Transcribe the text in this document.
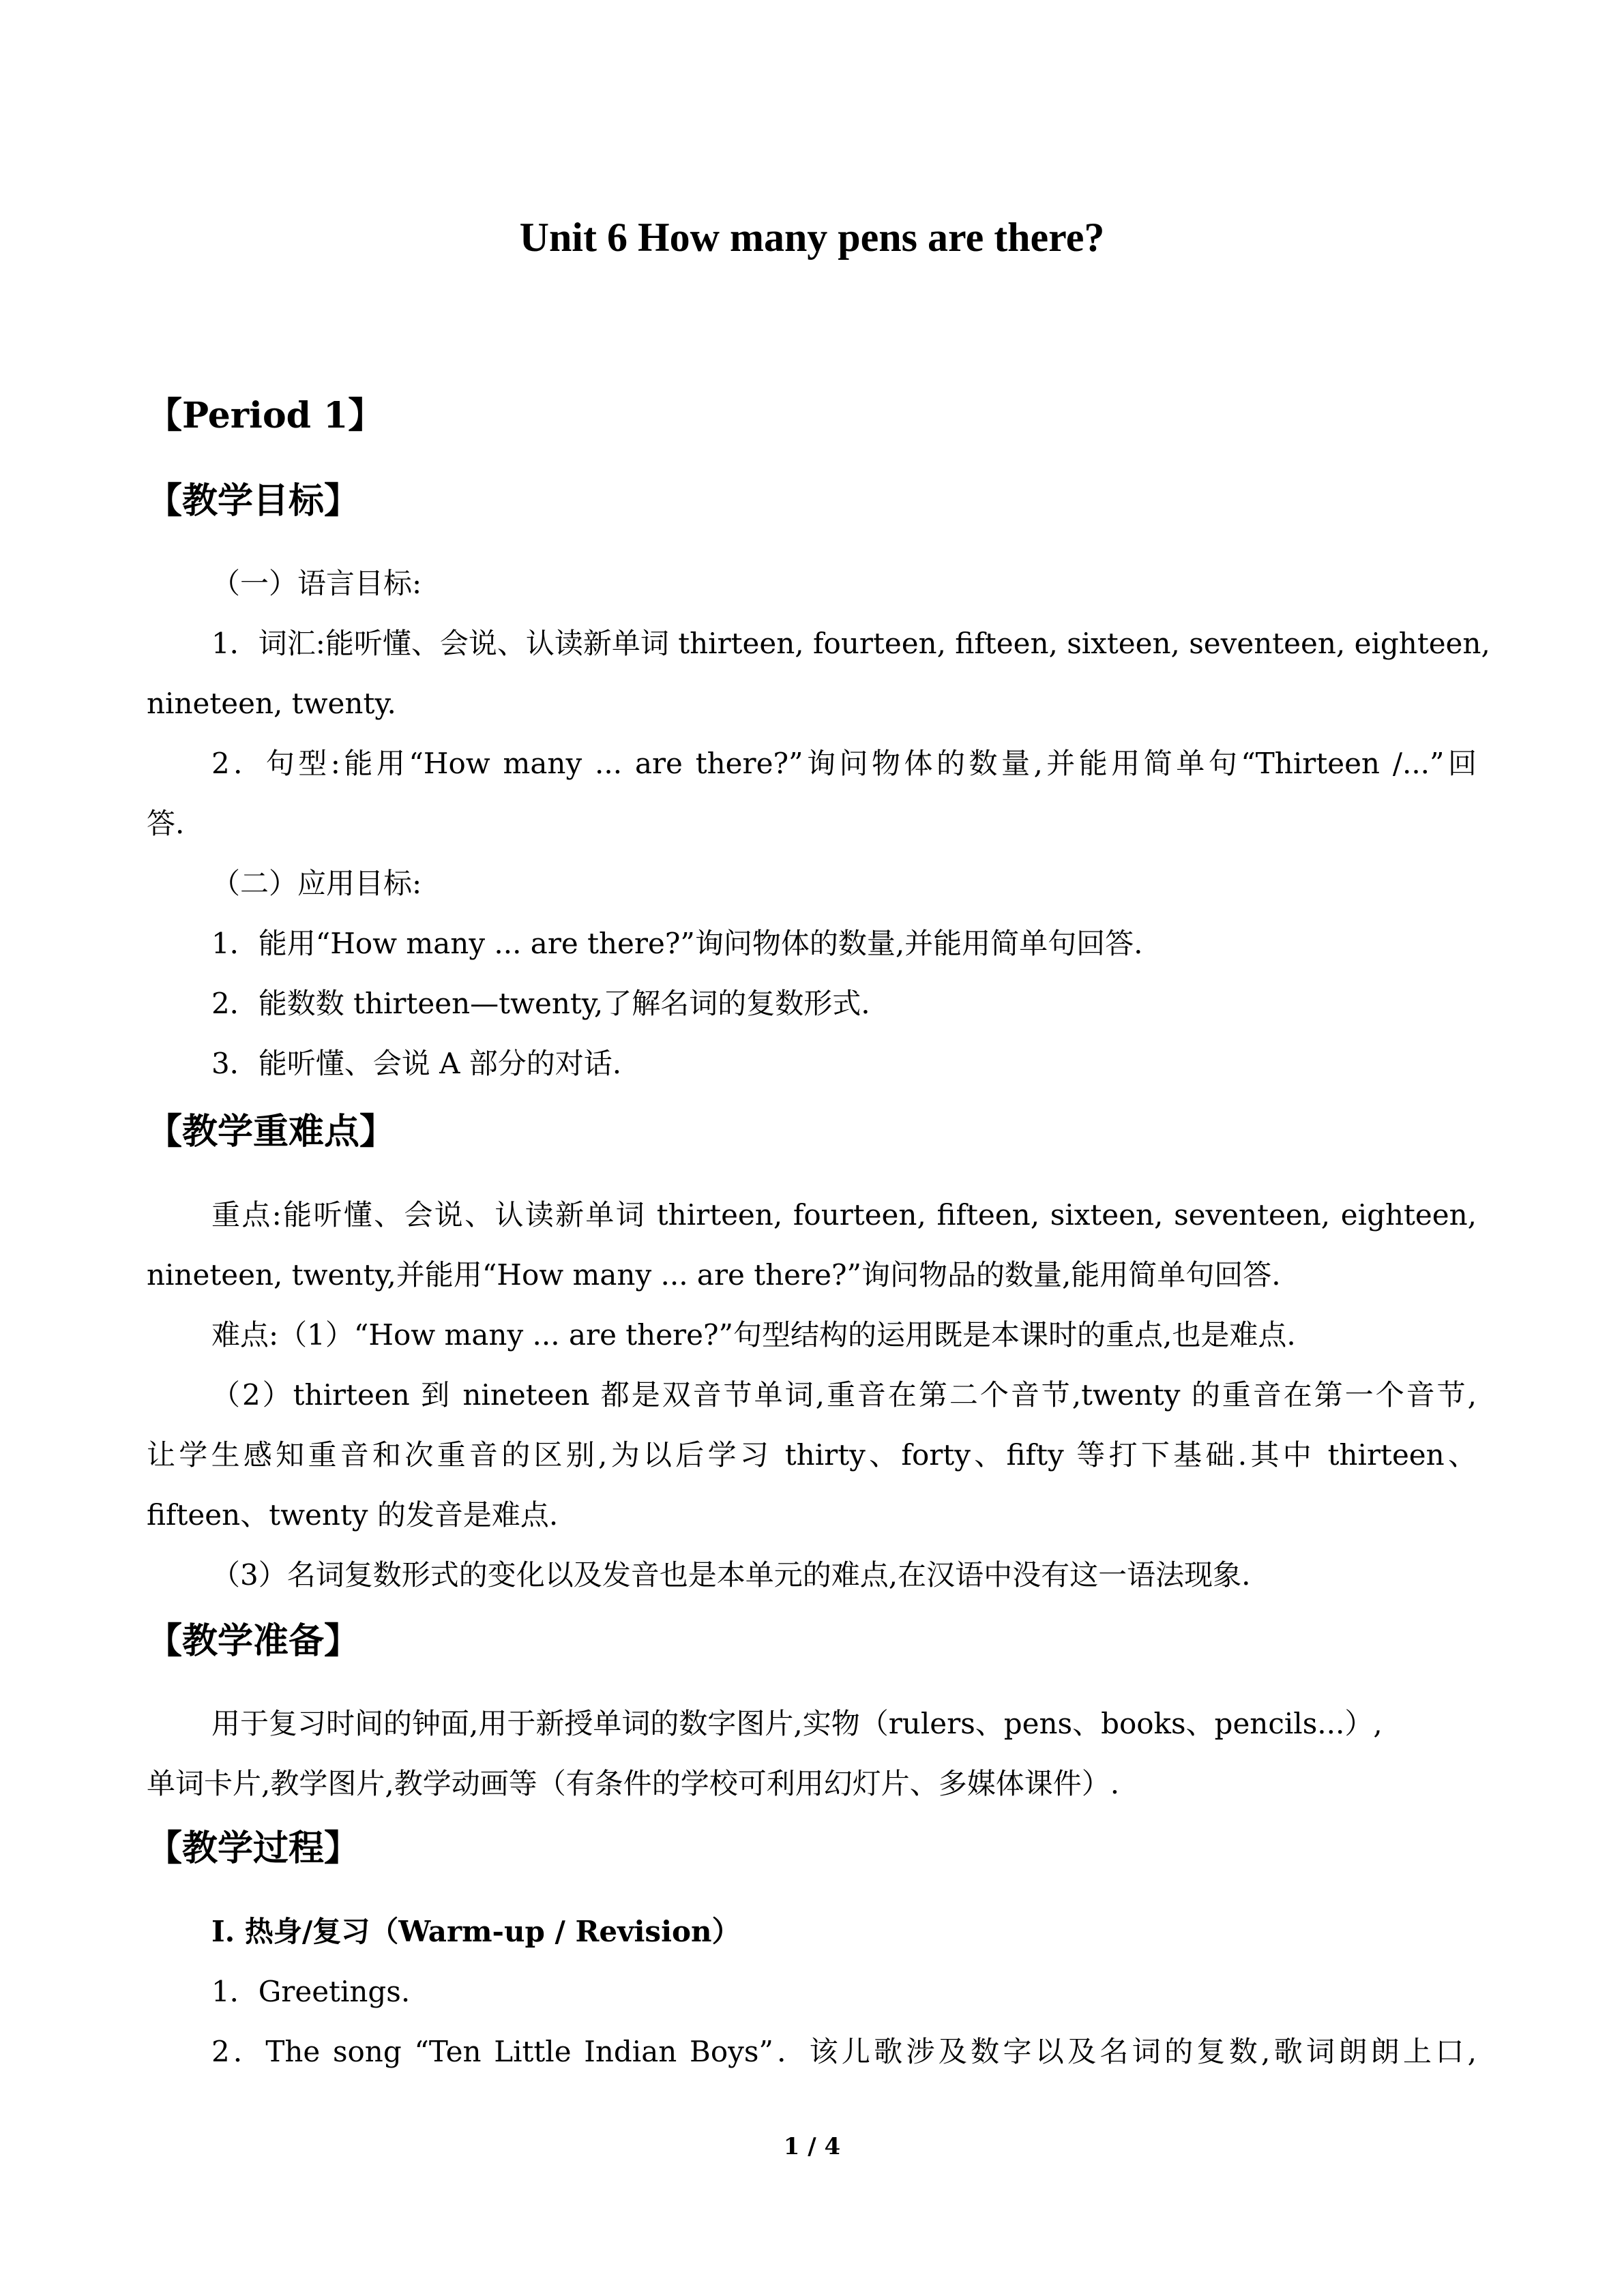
Unit 6 How many pens are there?
【Period 1】
【教学目标】
（一）语言目标:
1．词汇:能听懂、会说、认读新单词 thirteen, fourteen, fifteen, sixteen, seventeen, eighteen,
nineteen, twenty.
2．句型:能用“How many ... are there?”询问物体的数量,并能用简单句“Thirteen /...”回
答.
（二）应用目标:
1．能用“How many ... are there?”询问物体的数量,并能用简单句回答.
2．能数数 thirteen—twenty,了解名词的复数形式.
3．能听懂、会说 A 部分的对话.
【教学重难点】
重点:能听懂、会说、认读新单词 thirteen, fourteen, fifteen, sixteen, seventeen, eighteen,
nineteen, twenty,并能用“How many ... are there?”询问物品的数量,能用简单句回答.
难点:（1）“How many ... are there?”句型结构的运用既是本课时的重点,也是难点.
（2）thirteen 到 nineteen 都是双音节单词,重音在第二个音节,twenty 的重音在第一个音节,
让学生感知重音和次重音的区别,为以后学习 thirty、forty、fifty 等打下基础.其中 thirteen、
fifteen、twenty 的发音是难点.
（3）名词复数形式的变化以及发音也是本单元的难点,在汉语中没有这一语法现象.
【教学准备】
用于复习时间的钟面,用于新授单词的数字图片,实物（rulers、pens、books、pencils...）,
单词卡片,教学图片,教学动画等（有条件的学校可利用幻灯片、多媒体课件）.
【教学过程】
I. 热身/复习（Warm-up / Revision）
1．Greetings.
2．The song “Ten Little Indian Boys”．该儿歌涉及数字以及名词的复数,歌词朗朗上口,
1 / 4
